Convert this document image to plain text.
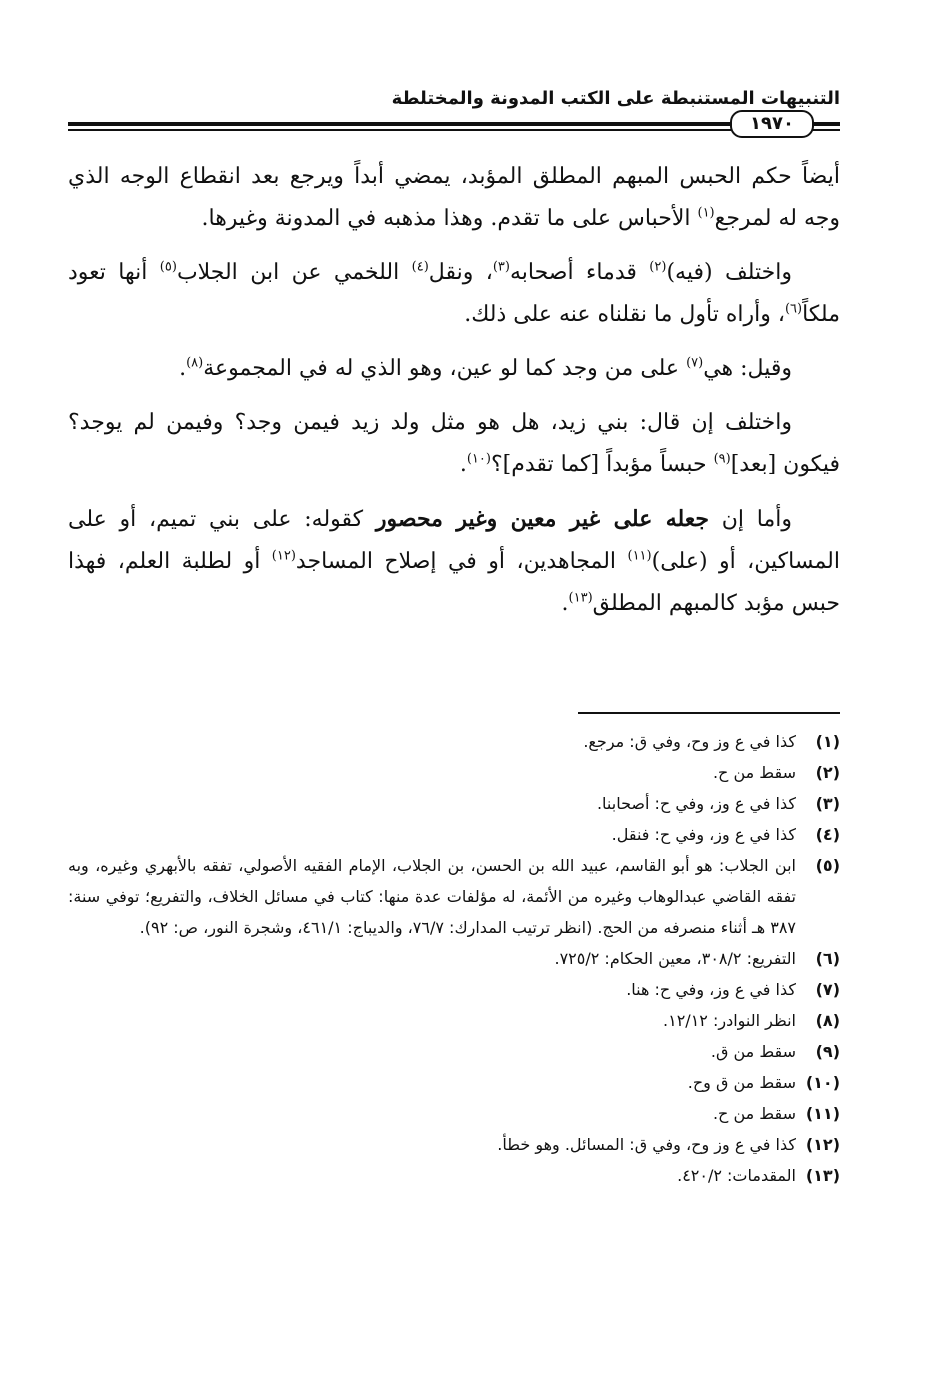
التنبيهات المستنبطة على الكتب المدونة والمختلطة
١٩٧٠

أيضاً حكم الحبس المبهم المطلق المؤبد، يمضي أبداً ويرجع بعد انقطاع الوجه الذي وجه له لمرجع$^{(١)}$ الأحباس على ما تقدم. وهذا مذهبه في المدونة وغيرها.

واختلف (فيه)$^{(٢)}$ قدماء أصحابه$^{(٣)}$، ونقل$^{(٤)}$ اللخمي عن ابن الجلاب$^{(٥)}$ أنها تعود ملكاً$^{(٦)}$، وأراه تأول ما نقلناه عنه على ذلك.

وقيل: هي$^{(٧)}$ على من وجد كما لو عين، وهو الذي له في المجموعة$^{(٨)}$.

واختلف إن قال: بني زيد، هل هو مثل ولد زيد فيمن وجد؟ وفيمن لم يوجد؟ فيكون [بعد]$^{(٩)}$ حبساً مؤبداً [كما تقدم]؟$^{(١٠)}$.

وأما إن جعله على غير معين وغير محصور كقوله: على بني تميم، أو على المساكين، أو (على)$^{(١١)}$ المجاهدين، أو في إصلاح المساجد$^{(١٢)}$ أو لطلبة العلم، فهذا حبس مؤبد كالمبهم المطلق$^{(١٣)}$.

(١)
كذا في ع وز وح، وفي ق: مرجع.
(٢)
سقط من ح.
(٣)
كذا في ع وز، وفي ح: أصحابنا.
(٤)
كذا في ع وز، وفي ح: فنقل.
(٥)
ابن الجلاب: هو أبو القاسم، عبيد الله بن الحسن، بن الجلاب، الإمام الفقيه الأصولي، تفقه بالأبهري وغيره، وبه تفقه القاضي عبدالوهاب وغيره من الأئمة، له مؤلفات عدة منها: كتاب في مسائل الخلاف، والتفريع؛ توفي سنة: ٣٨٧ هـ أثناء منصرفه من الحج. (انظر ترتيب المدارك: ٧٦/٧، والديباج: ٤٦١/١، وشجرة النور، ص: ٩٢).
(٦)
التفريع: ٣٠٨/٢، معين الحكام: ٧٢٥/٢.
(٧)
كذا في ع وز، وفي ح: هنا.
(٨)
انظر النوادر: ١٢/١٢.
(٩)
سقط من ق.
(١٠)
سقط من ق وح.
(١١)
سقط من ح.
(١٢)
كذا في ع وز وح، وفي ق: المسائل. وهو خطأ.
(١٣)
المقدمات: ٤٢٠/٢.
